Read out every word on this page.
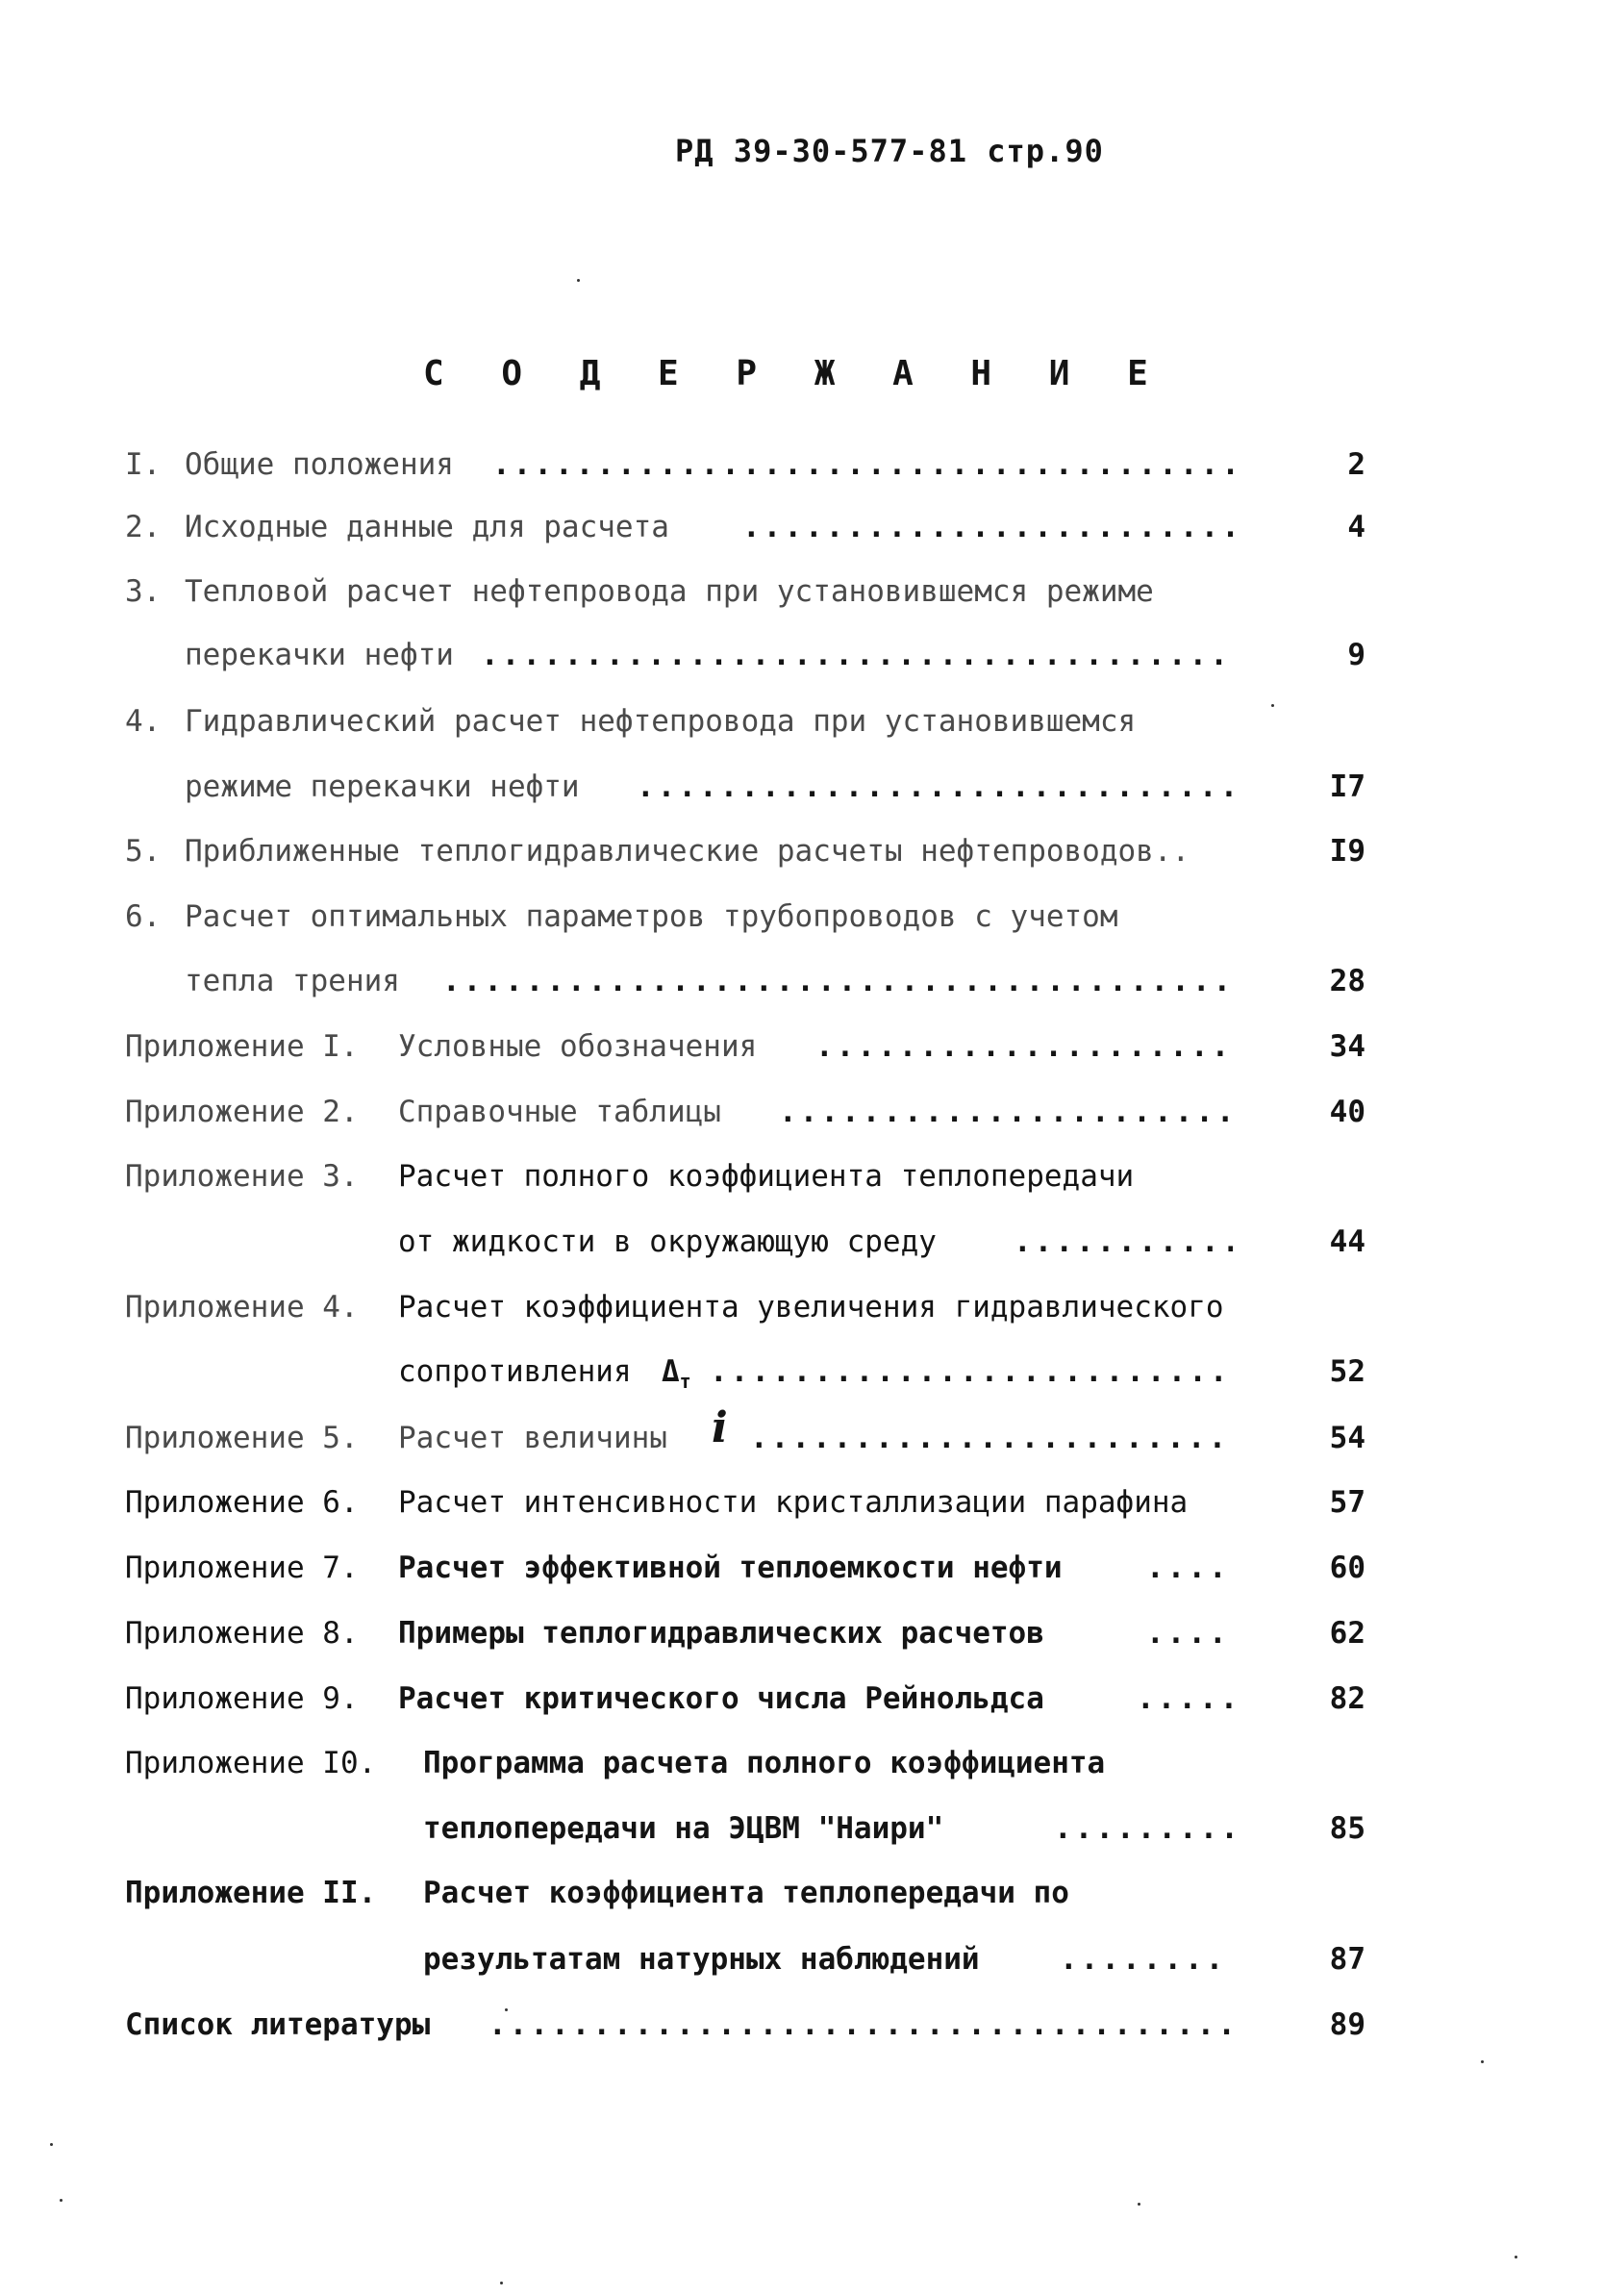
РД 39-30-577-81 стр.90
С О Д Е Р Ж А Н И Е
I. Общие положения .....	2
2. Исходные данные для расчета .....	4
3. Тепловой расчет нефтепровода при установившемся режиме
перекачки нефти .....	9
4. Гидравлический расчет нефтепровода при установившемся
режиме перекачки нефти .....	I7
5. Приближенные теплогидравлические расчеты нефтепроводов..	I9
6. Расчет оптимальных параметров трубопроводов с учетом
тепла трения .....	28
Приложение I. Условные обозначения .....	34
Приложение 2. Справочные таблицы .....	40
Приложение 3. Расчет полного коэффициента теплопередачи
от жидкости в окружающую среду .....	44
Приложение 4. Расчет коэффициента увеличения гидравлического
сопротивления $\Delta_т$ .....	52
Приложение 5. Расчет величины i .....	54
Приложение 6. Расчет интенсивности кристаллизации парафина	57
Приложение 7. Расчет эффективной теплоемкости нефти .....	60
Приложение 8. Примеры теплогидравлических расчетов .....	62
Приложение 9. Расчет критического числа Рейнольдса .....	82
Приложение I0. Программа расчета полного коэффициента
теплопередачи на ЭЦВМ "Наири" .....	85
Приложение II. Расчет коэффициента теплопередачи по
результатам натурных наблюдений .....	87
Список литературы .....	89
